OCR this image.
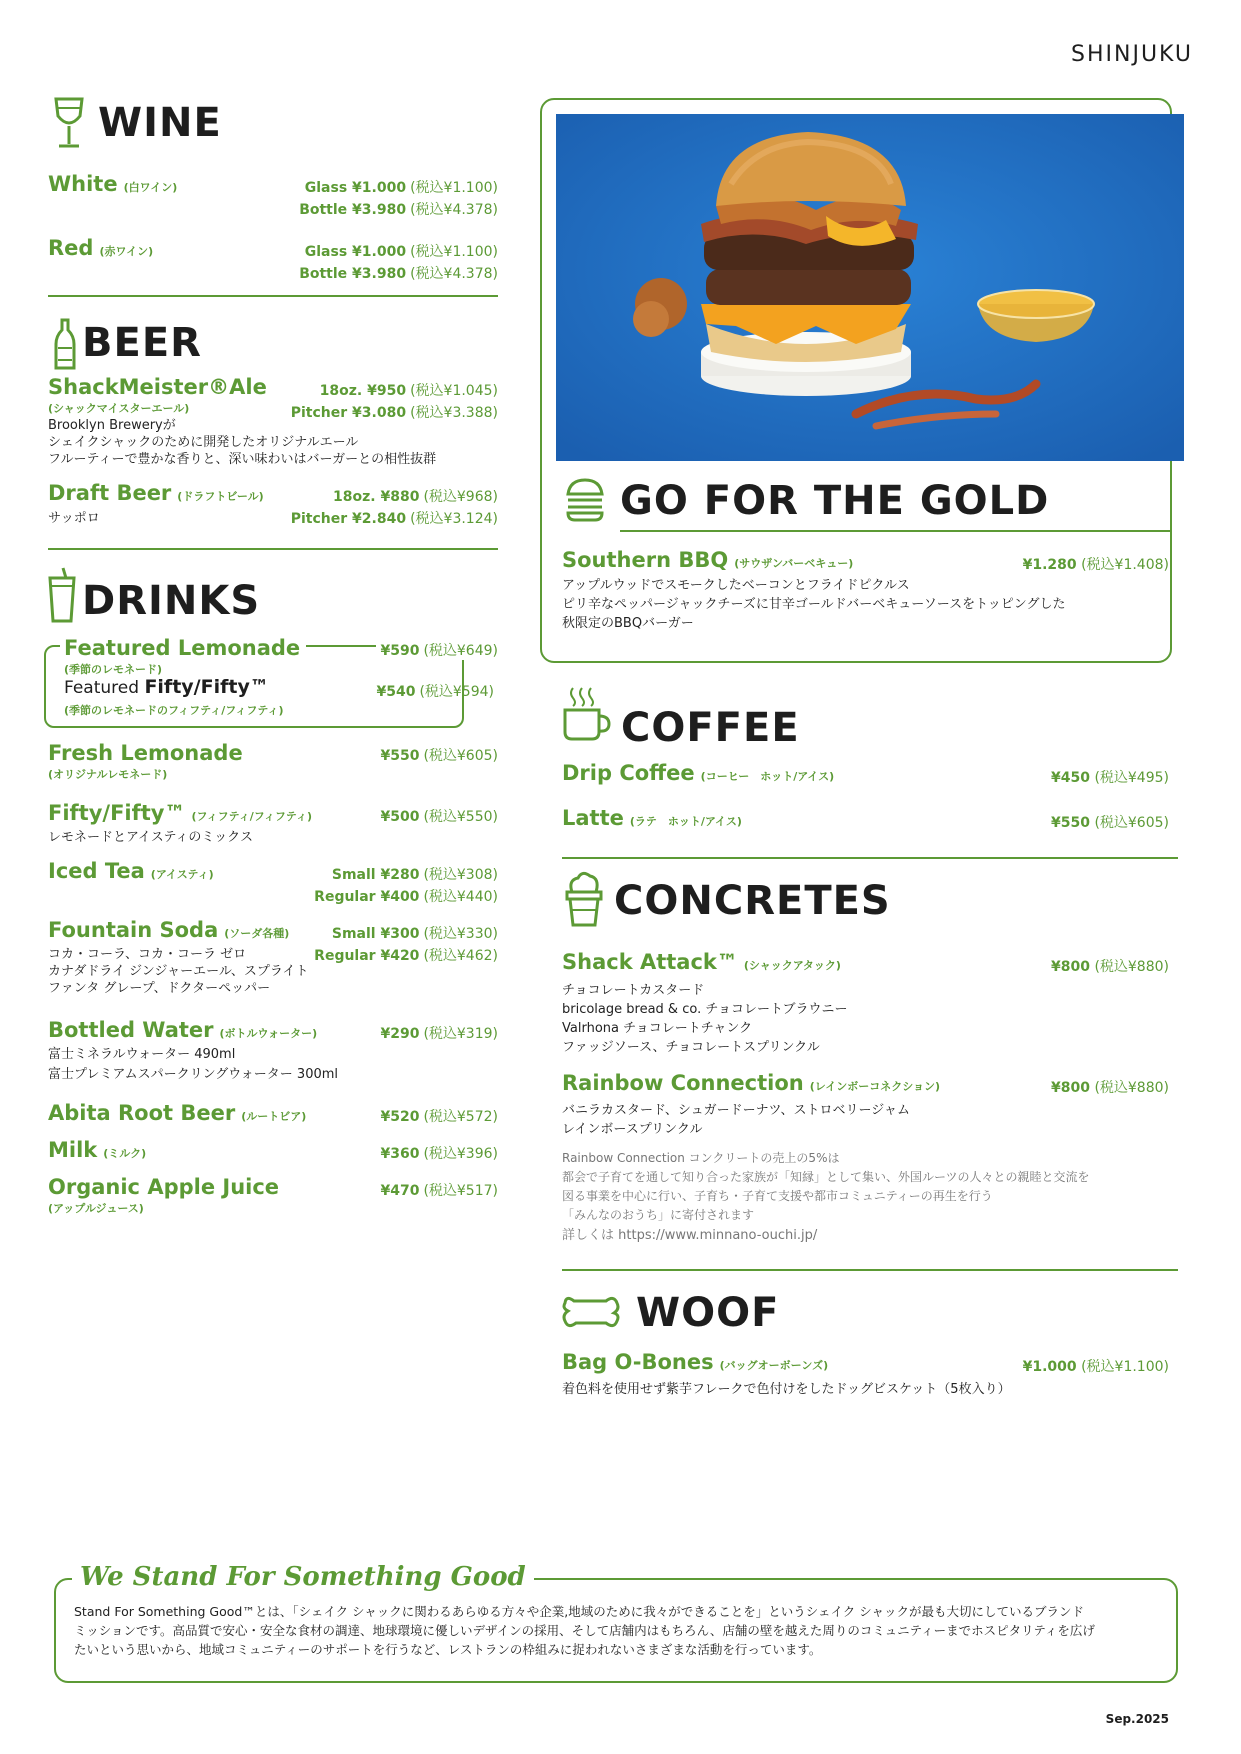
SHINJUKU
WINE
White (白ワイン)	Glass ¥1.000 (税込¥1.100)
Bottle ¥3.980 (税込¥4.378)
Red (赤ワイン)	Glass ¥1.000 (税込¥1.100)
Bottle ¥3.980 (税込¥4.378)
BEER
ShackMeister®Ale
(シャックマイスターエール)
18oz. ¥950 (税込¥1.045)
Pitcher ¥3.080 (税込¥3.388)
Brooklyn Breweryが
シェイクシャックのために開発したオリジナルエール
フルーティーで豊かな香りと、深い味わいはバーガーとの相性抜群
Draft Beer (ドラフトビール)	18oz. ¥880 (税込¥968)
Pitcher ¥2.840 (税込¥3.124)
サッポロ
DRINKS
Featured Lemonade
(季節のレモネード)
¥590 (税込¥649)
Featured Fifty/Fifty™
(季節のレモネードのフィフティ/フィフティ)
¥540 (税込¥594)
Fresh Lemonade
(オリジナルレモネード)
¥550 (税込¥605)
Fifty/Fifty™ (フィフティ/フィフティ)	¥500 (税込¥550)
レモネードとアイスティのミックス
Iced Tea (アイスティ)	Small ¥280 (税込¥308)
Regular ¥400 (税込¥440)
Fountain Soda (ソーダ各種)	Small ¥300 (税込¥330)
Regular ¥420 (税込¥462)
コカ・コーラ、コカ・コーラ ゼロ
カナダドライ ジンジャーエール、スプライト
ファンタ グレープ、ドクターペッパー
Bottled Water (ボトルウォーター)	¥290 (税込¥319)
富士ミネラルウォーター 490ml
富士プレミアムスパークリングウォーター 300ml
Abita Root Beer (ルートビア)	¥520 (税込¥572)
Milk (ミルク)	¥360 (税込¥396)
Organic Apple Juice
(アップルジュース)
¥470 (税込¥517)
GO FOR THE GOLD
Southern BBQ (サウザンバーベキュー)	¥1.280 (税込¥1.408)
アップルウッドでスモークしたベーコンとフライドピクルス
ピリ辛なペッパージャックチーズに甘辛ゴールドバーベキューソースをトッピングした
秋限定のBBQバーガー
COFFEE
Drip Coffee (コーヒー　ホット/アイス)	¥450 (税込¥495)
Latte (ラテ　ホット/アイス)	¥550 (税込¥605)
CONCRETES
Shack Attack™ (シャックアタック)	¥800 (税込¥880)
チョコレートカスタード
bricolage bread & co. チョコレートブラウニー
Valrhona チョコレートチャンク
ファッジソース、チョコレートスプリンクル
Rainbow Connection (レインボーコネクション)	¥800 (税込¥880)
バニラカスタード、シュガードーナツ、ストロベリージャム
レインボースプリンクル
Rainbow Connection コンクリートの売上の5%は
都会で子育てを通して知り合った家族が「知縁」として集い、外国ルーツの人々との親睦と交流を
図る事業を中心に行い、子育ち・子育て支援や都市コミュニティーの再生を行う
「みんなのおうち」に寄付されます
詳しくは https://www.minnano-ouchi.jp/
WOOF
Bag O-Bones (バッグオーボーンズ)	¥1.000 (税込¥1.100)
着色料を使用せず紫芋フレークで色付けをしたドッグビスケット（5枚入り）
We Stand For Something Good
Stand For Something Good™とは、「シェイク シャックに関わるあらゆる方々や企業,地域のために我々ができることを」というシェイク シャックが最も大切にしているブランド
ミッションです。高品質で安心・安全な食材の調達、地球環境に優しいデザインの採用、そして店舗内はもちろん、店舗の壁を越えた周りのコミュニティーまでホスピタリティを広げ
たいという思いから、地域コミュニティーのサポートを行うなど、レストランの枠組みに捉われないさまざまな活動を行っています。
Sep.2025
